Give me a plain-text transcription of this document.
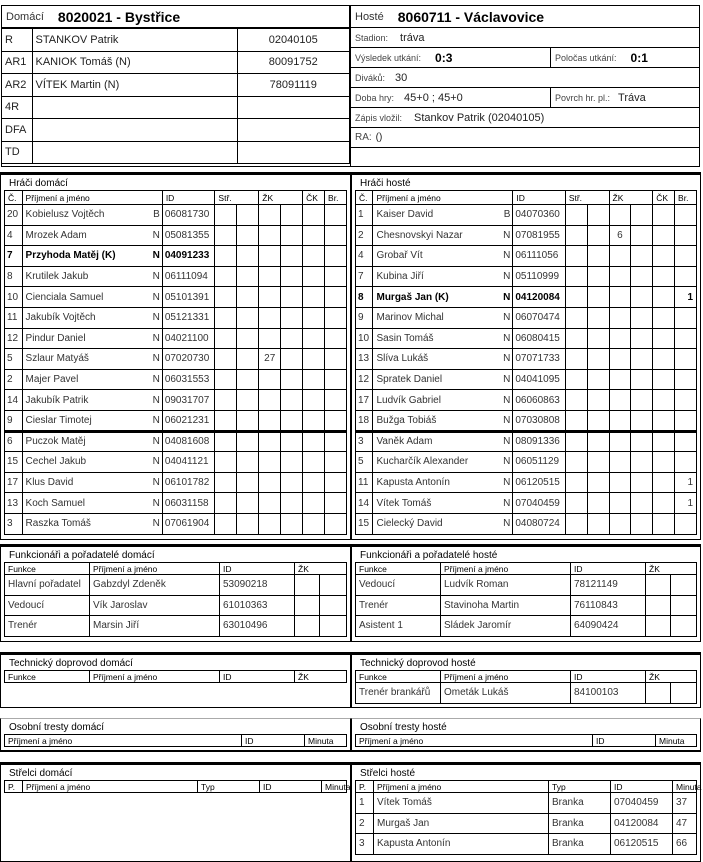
Domácí 8020021 - Bystřice
R	STANKOV Patrik	02040105
AR1	KANIOK Tomáš (N)	80091752
AR2	VÍTEK Martin (N)	78091119
4R		
DFA		
TD		
Hosté 8060711 - Václavovice
Stadion: tráva
Výsledek utkání: 0:3	Poločas utkání: 0:1
Diváků: 30
Doba hry: 45+0 ; 45+0	Povrch hr. pl.: Tráva
Zápis vložil: Stankov Patrik (02040105)
RA: ()
Hráči domácí
Č.	Příjmení a jméno		ID	Stř.		ŽK		ČK	Br.
20	Kobielusz Vojtěch	B	06081730						
4	Mrozek Adam	N	05081355						
7	Przyhoda Matěj (K)	N	04091233						
8	Krutilek Jakub	N	06111094						
10	Cienciala Samuel	N	05101391						
11	Jakubík Vojtěch	N	05121331						
12	Pindur Daniel	N	04021100						
5	Szlaur Matyáš	N	07020730			27			
2	Majer Pavel	N	06031553						
14	Jakubík Patrik	N	09031707						
9	Cieslar Timotej	N	06021231						
6	Puczok Matěj	N	04081608						
15	Cechel Jakub	N	04041121						
17	Klus David	N	06101782						
13	Koch Samuel	N	06031158						
3	Raszka Tomáš	N	07061904						
Hráči hosté
Č.	Příjmení a jméno		ID	Stř.		ŽK		ČK	Br.
1	Kaiser David	B	04070360						
2	Chesnovskyi Nazar	N	07081955			6			
4	Grobař Vít	N	06111056						
7	Kubina Jiří	N	05110999						
8	Murgaš Jan (K)	N	04120084						1
9	Marinov Michal	N	06070474						
10	Sasin Tomáš	N	06080415						
13	Slíva Lukáš	N	07071733						
12	Spratek Daniel	N	04041095						
17	Ludvík Gabriel	N	06060863						
18	Bužga Tobiáš	N	07030808						
3	Vaněk Adam	N	08091336						
5	Kucharčík Alexander	N	06051129						
11	Kapusta Antonín	N	06120515						1
14	Vítek Tomáš	N	07040459						1
15	Cielecký David	N	04080724						
Funkcionáři a pořadatelé domácí
Funkce	Příjmení a jméno	ID	ŽK	
Hlavní pořadatel	Gabzdyl Zdeněk	53090218		
Vedoucí	Vík Jaroslav	61010363		
Trenér	Marsin Jiří	63010496		
Funkcionáři a pořadatelé hosté
Funkce	Příjmení a jméno	ID	ŽK	
Vedoucí	Ludvík Roman	78121149		
Trenér	Stavinoha Martin	76110843		
Asistent 1	Sládek Jaromír	64090424		
Technický doprovod domácí
Funkce	Příjmení a jméno	ID	ŽK
Technický doprovod hosté
Funkce	Příjmení a jméno	ID	ŽK	
Trenér brankářů	Ometák Lukáš	84100103		
Osobní tresty domácí
Příjmení a jméno	ID	Minuta
Osobní tresty hosté
Příjmení a jméno	ID	Minuta
Střelci domácí
P.	Příjmení a jméno	Typ	ID	Minuta
Střelci hosté
P.	Příjmení a jméno	Typ	ID	Minuta
1	Vítek Tomáš	Branka	07040459	37
2	Murgaš Jan	Branka	04120084	47
3	Kapusta Antonín	Branka	06120515	66
